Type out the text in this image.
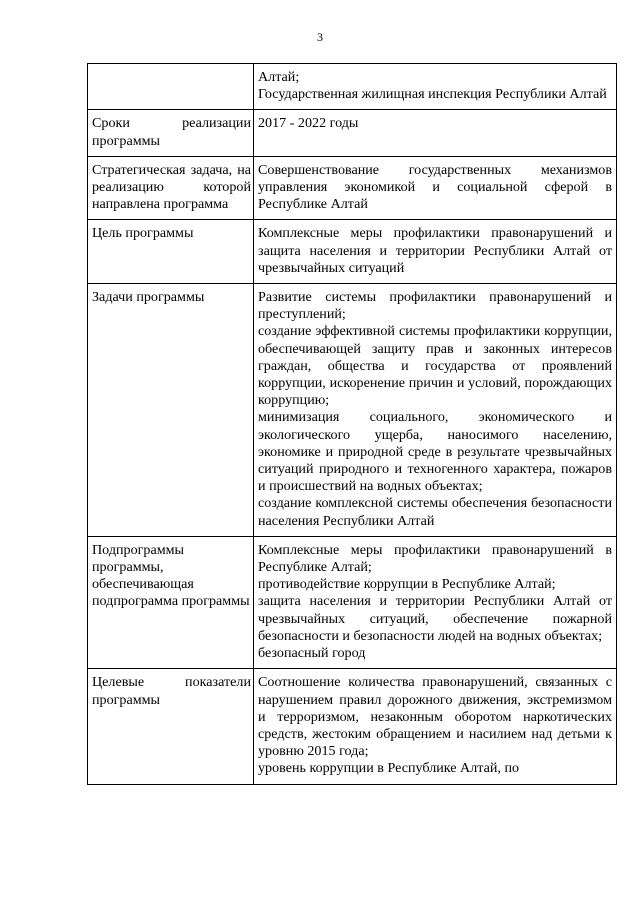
3

	Алтай;
Государственная жилищная инспекция Республики Алтай

Сроки реализации программы	2017 - 2022 годы

Стратегическая задача, на реализацию которой направлена программа	Совершенствование государственных механизмов управления экономикой и социальной сферой в Республике Алтай

Цель программы	Комплексные меры профилактики правонарушений и защита населения и территории Республики Алтай от чрезвычайных ситуаций

Задачи программы	Развитие системы профилактики правонарушений и преступлений;
создание эффективной системы профилактики коррупции, обеспечивающей защиту прав и законных интересов граждан, общества и государства от проявлений коррупции, искоренение причин и условий, порождающих коррупцию;
минимизация социального, экономического и экологического ущерба, наносимого населению, экономике и природной среде в результате чрезвычайных ситуаций природного и техногенного характера, пожаров и происшествий на водных объектах;
создание комплексной системы обеспечения безопасности населения Республики Алтай

Подпрограммы программы, обеспечивающая подпрограмма программы	Комплексные меры профилактики правонарушений в Республике Алтай;
противодействие коррупции в Республике Алтай;
защита населения и территории Республики Алтай от чрезвычайных ситуаций, обеспечение пожарной безопасности и безопасности людей на водных объектах;
безопасный город

Целевые показатели программы	Соотношение количества правонарушений, связанных с нарушением правил дорожного движения, экстремизмом и терроризмом, незаконным оборотом наркотических средств, жестоким обращением и насилием над детьми к уровню 2015 года;
уровень коррупции в Республике Алтай, по
